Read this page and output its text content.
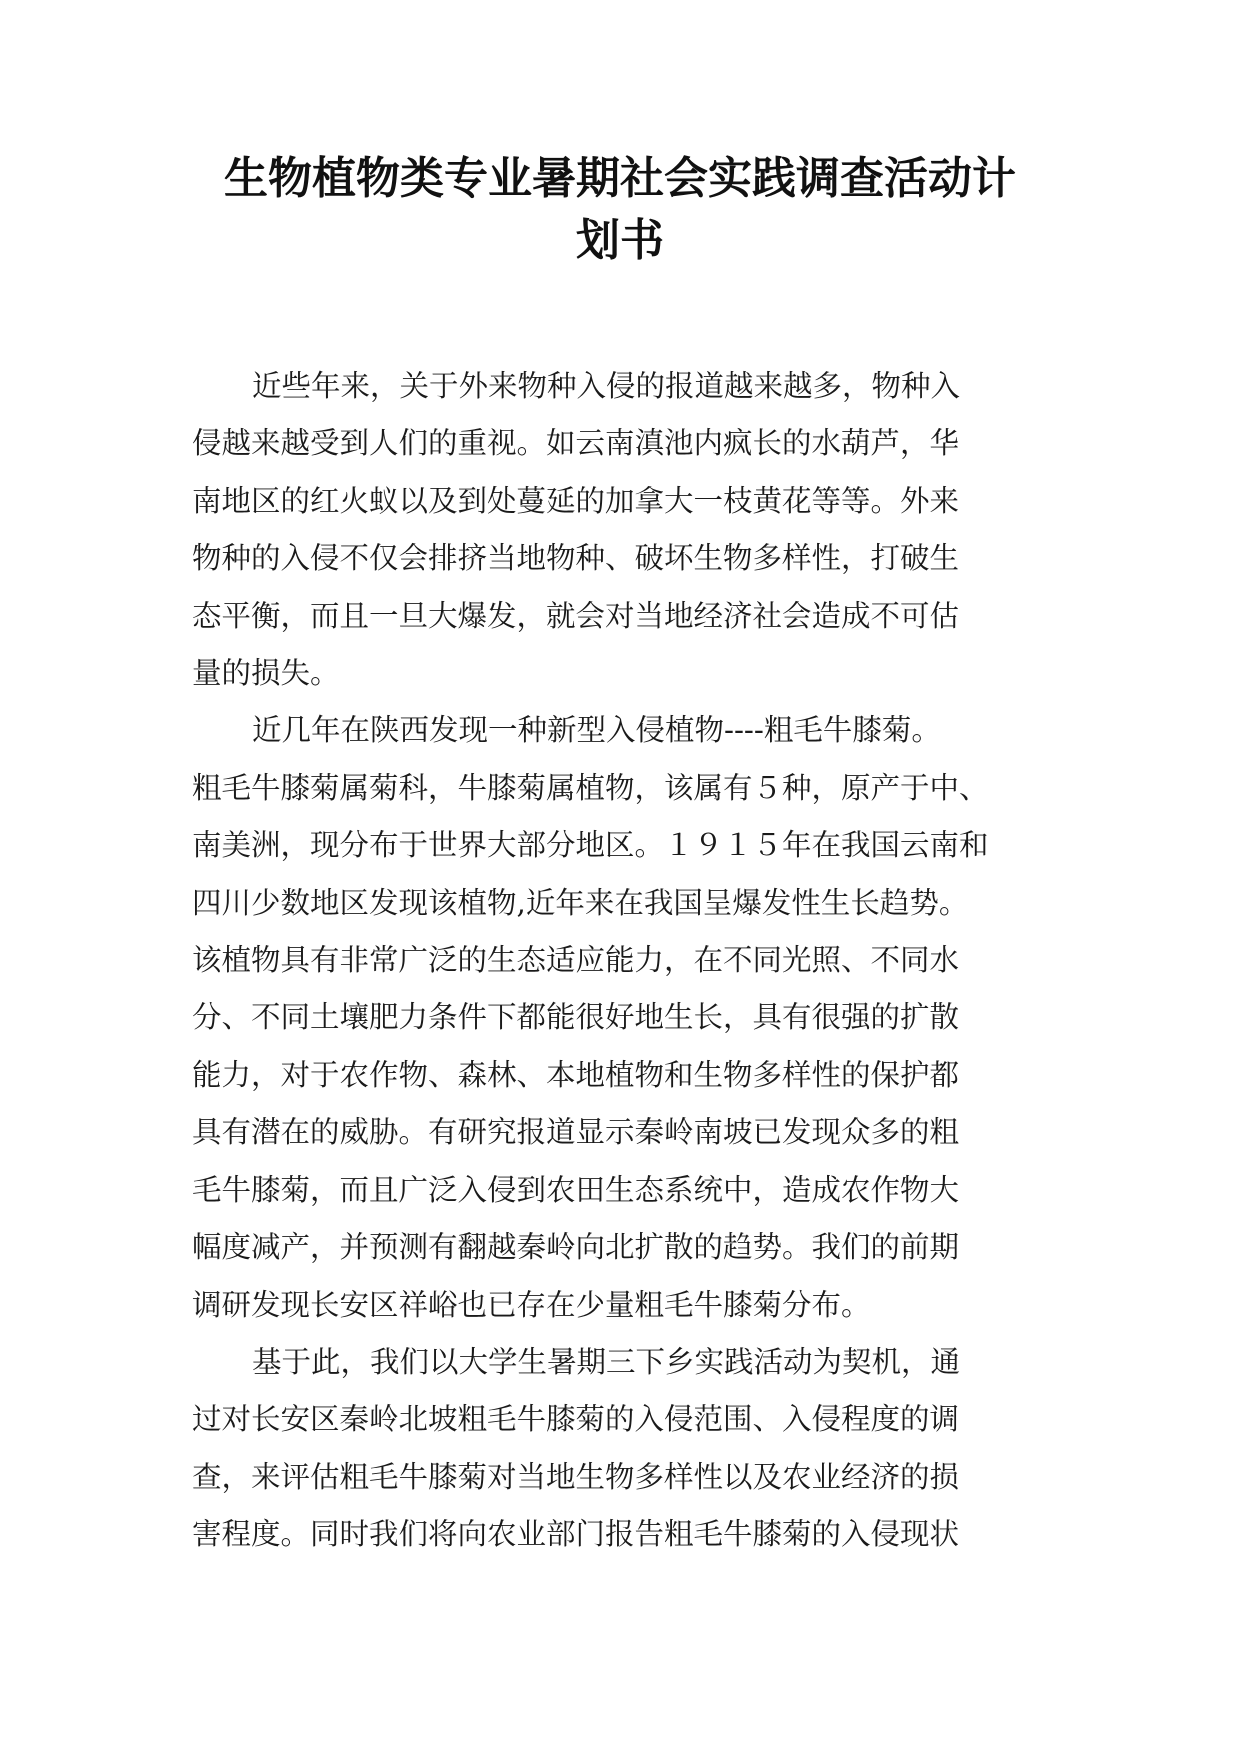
生物植物类专业暑期社会实践调查活动计
划书

近些年来，关于外来物种入侵的报道越来越多，物种入
侵越来越受到人们的重视。如云南滇池内疯长的水葫芦，华
南地区的红火蚁以及到处蔓延的加拿大一枝黄花等等。外来
物种的入侵不仅会排挤当地物种、破坏生物多样性，打破生
态平衡，而且一旦大爆发，就会对当地经济社会造成不可估
量的损失。

近几年在陕西发现一种新型入侵植物----粗毛牛膝菊。
粗毛牛膝菊属菊科，牛膝菊属植物，该属有５种，原产于中、
南美洲，现分布于世界大部分地区。１９１５年在我国云南和
四川少数地区发现该植物,近年来在我国呈爆发性生长趋势。
该植物具有非常广泛的生态适应能力，在不同光照、不同水
分、不同土壤肥力条件下都能很好地生长，具有很强的扩散
能力，对于农作物、森林、本地植物和生物多样性的保护都
具有潜在的威胁。有研究报道显示秦岭南坡已发现众多的粗
毛牛膝菊，而且广泛入侵到农田生态系统中，造成农作物大
幅度减产，并预测有翻越秦岭向北扩散的趋势。我们的前期
调研发现长安区祥峪也已存在少量粗毛牛膝菊分布。

基于此，我们以大学生暑期三下乡实践活动为契机，通
过对长安区秦岭北坡粗毛牛膝菊的入侵范围、入侵程度的调
查，来评估粗毛牛膝菊对当地生物多样性以及农业经济的损
害程度。同时我们将向农业部门报告粗毛牛膝菊的入侵现状
